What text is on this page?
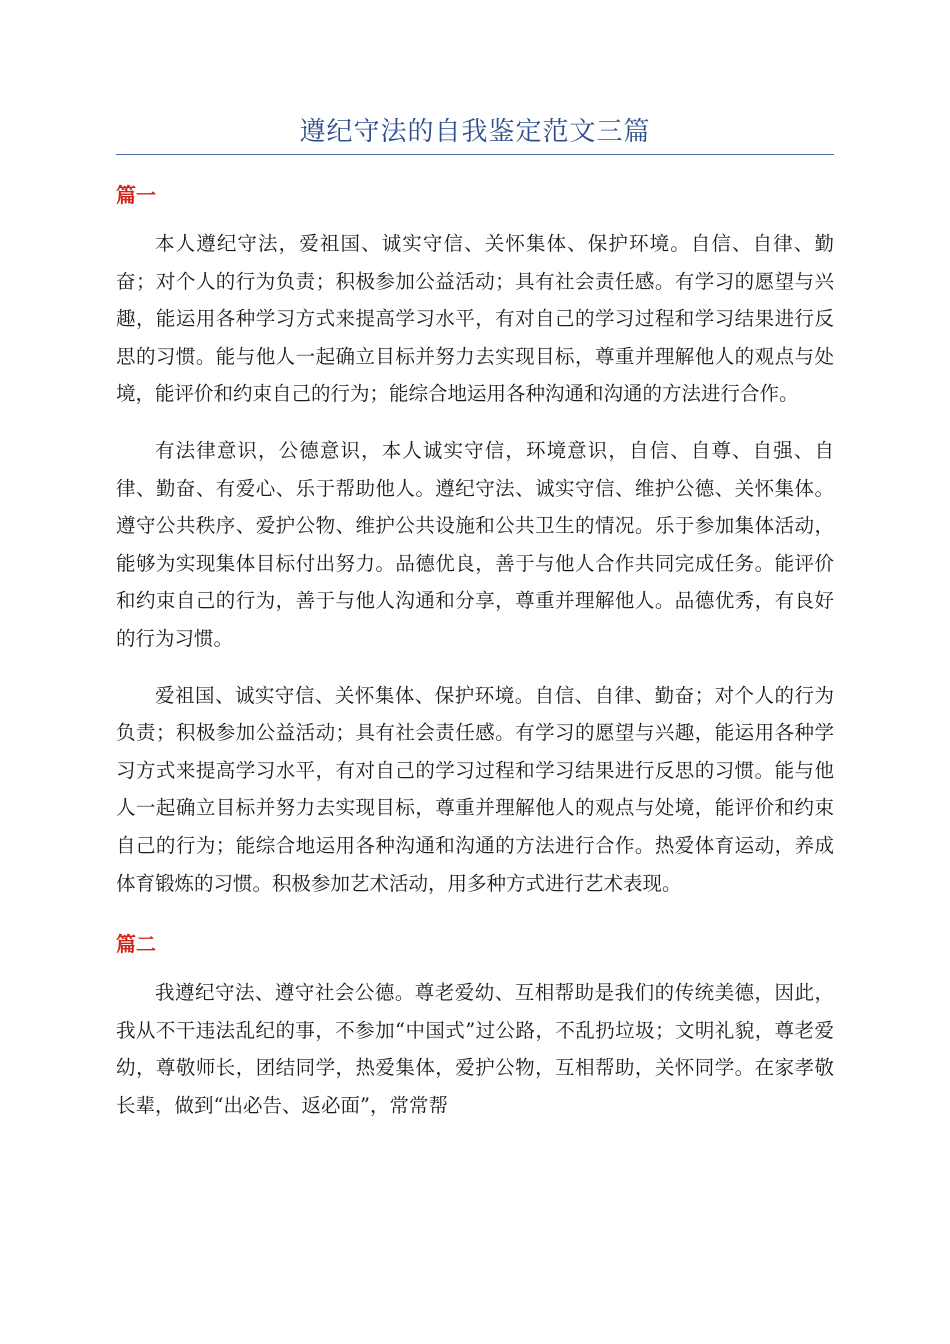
遵纪守法的自我鉴定范文三篇
篇一

本人遵纪守法，爱祖国、诚实守信、关怀集体、保护环境。自信、自律、勤奋；对个人的行为负责；积极参加公益活动；具有社会责任感。有学习的愿望与兴趣，能运用各种学习方式来提高学习水平，有对自己的学习过程和学习结果进行反思的习惯。能与他人一起确立目标并努力去实现目标，尊重并理解他人的观点与处境，能评价和约束自己的行为；能综合地运用各种沟通和沟通的方法进行合作。

有法律意识，公德意识，本人诚实守信，环境意识，自信、自尊、自强、自律、勤奋、有爱心、乐于帮助他人。遵纪守法、诚实守信、维护公德、关怀集体。遵守公共秩序、爱护公物、维护公共设施和公共卫生的情况。乐于参加集体活动，能够为实现集体目标付出努力。品德优良，善于与他人合作共同完成任务。能评价和约束自己的行为，善于与他人沟通和分享，尊重并理解他人。品德优秀，有良好的行为习惯。

爱祖国、诚实守信、关怀集体、保护环境。自信、自律、勤奋；对个人的行为负责；积极参加公益活动；具有社会责任感。有学习的愿望与兴趣，能运用各种学习方式来提高学习水平，有对自己的学习过程和学习结果进行反思的习惯。能与他人一起确立目标并努力去实现目标，尊重并理解他人的观点与处境，能评价和约束自己的行为；能综合地运用各种沟通和沟通的方法进行合作。热爱体育运动，养成体育锻炼的习惯。积极参加艺术活动，用多种方式进行艺术表现。

篇二

我遵纪守法、遵守社会公德。尊老爱幼、互相帮助是我们的传统美德，因此，我从不干违法乱纪的事，不参加“中国式”过公路，不乱扔垃圾；文明礼貌，尊老爱幼，尊敬师长，团结同学，热爱集体，爱护公物，互相帮助，关怀同学。在家孝敬长辈，做到“出必告、返必面”，常常帮
